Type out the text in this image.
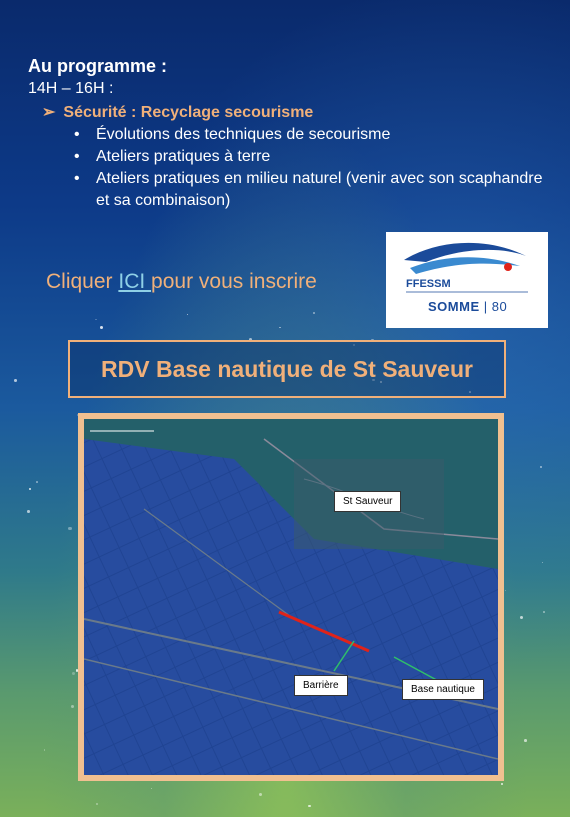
Au programme :
14H – 16H :
➢ Sécurité : Recyclage secourisme
• Évolutions des techniques de secourisme
• Ateliers pratiques à terre
• Ateliers pratiques en milieu naturel (venir avec son scaphandre et sa combinaison)
Cliquer ICI pour vous inscrire	FFESSM
SOMME | 80
RDV Base nautique de St Sauveur
St Sauveur
Barrière	Base nautique
